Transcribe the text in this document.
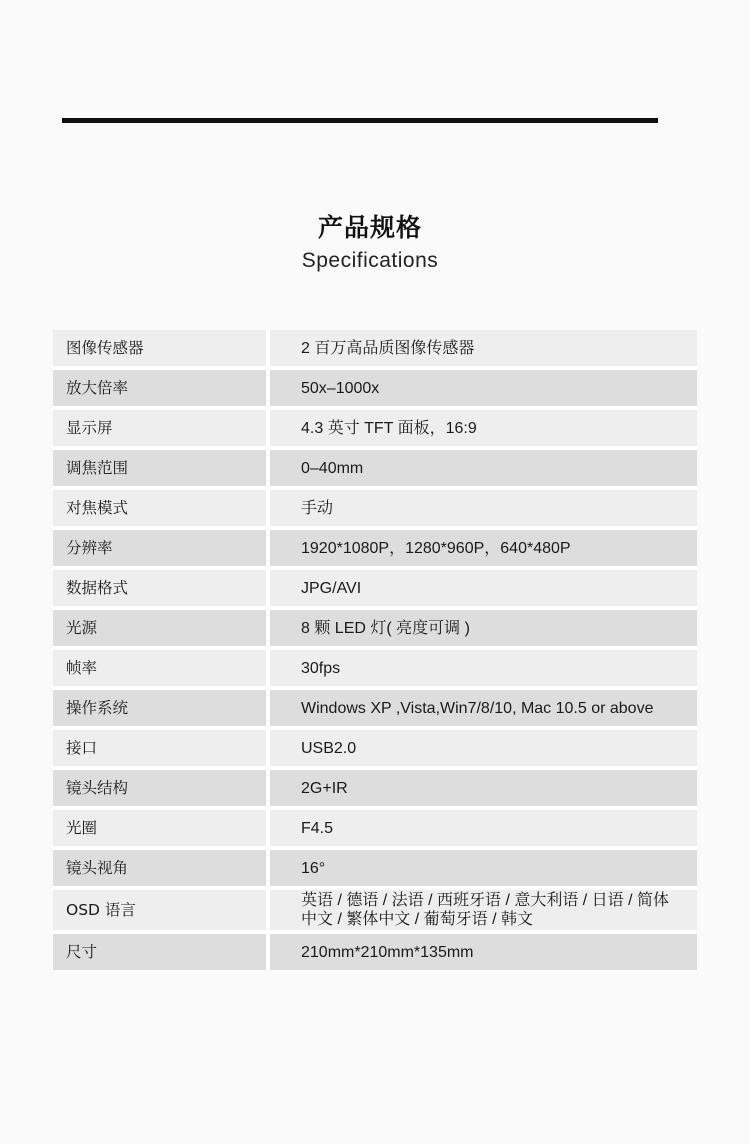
产品规格
Specifications
图像传感器	2 百万高品质图像传感器
放大倍率	50x–1000x
显示屏	4.3 英寸 TFT 面板，16:9
调焦范围	0–40mm
对焦模式	手动
分辨率	1920*1080P，1280*960P，640*480P
数据格式	JPG/AVI
光源	8 颗 LED 灯( 亮度可调 )
帧率	30fps
操作系统	Windows XP ,Vista,Win7/8/10, Mac 10.5 or above
接口	USB2.0
镜头结构	2G+IR
光圈	F4.5
镜头视角	16°
OSD 语言	英语 / 德语 / 法语 / 西班牙语 / 意大利语 / 日语 / 简体中文 / 繁体中文 / 葡萄牙语 / 韩文
尺寸	210mm*210mm*135mm
